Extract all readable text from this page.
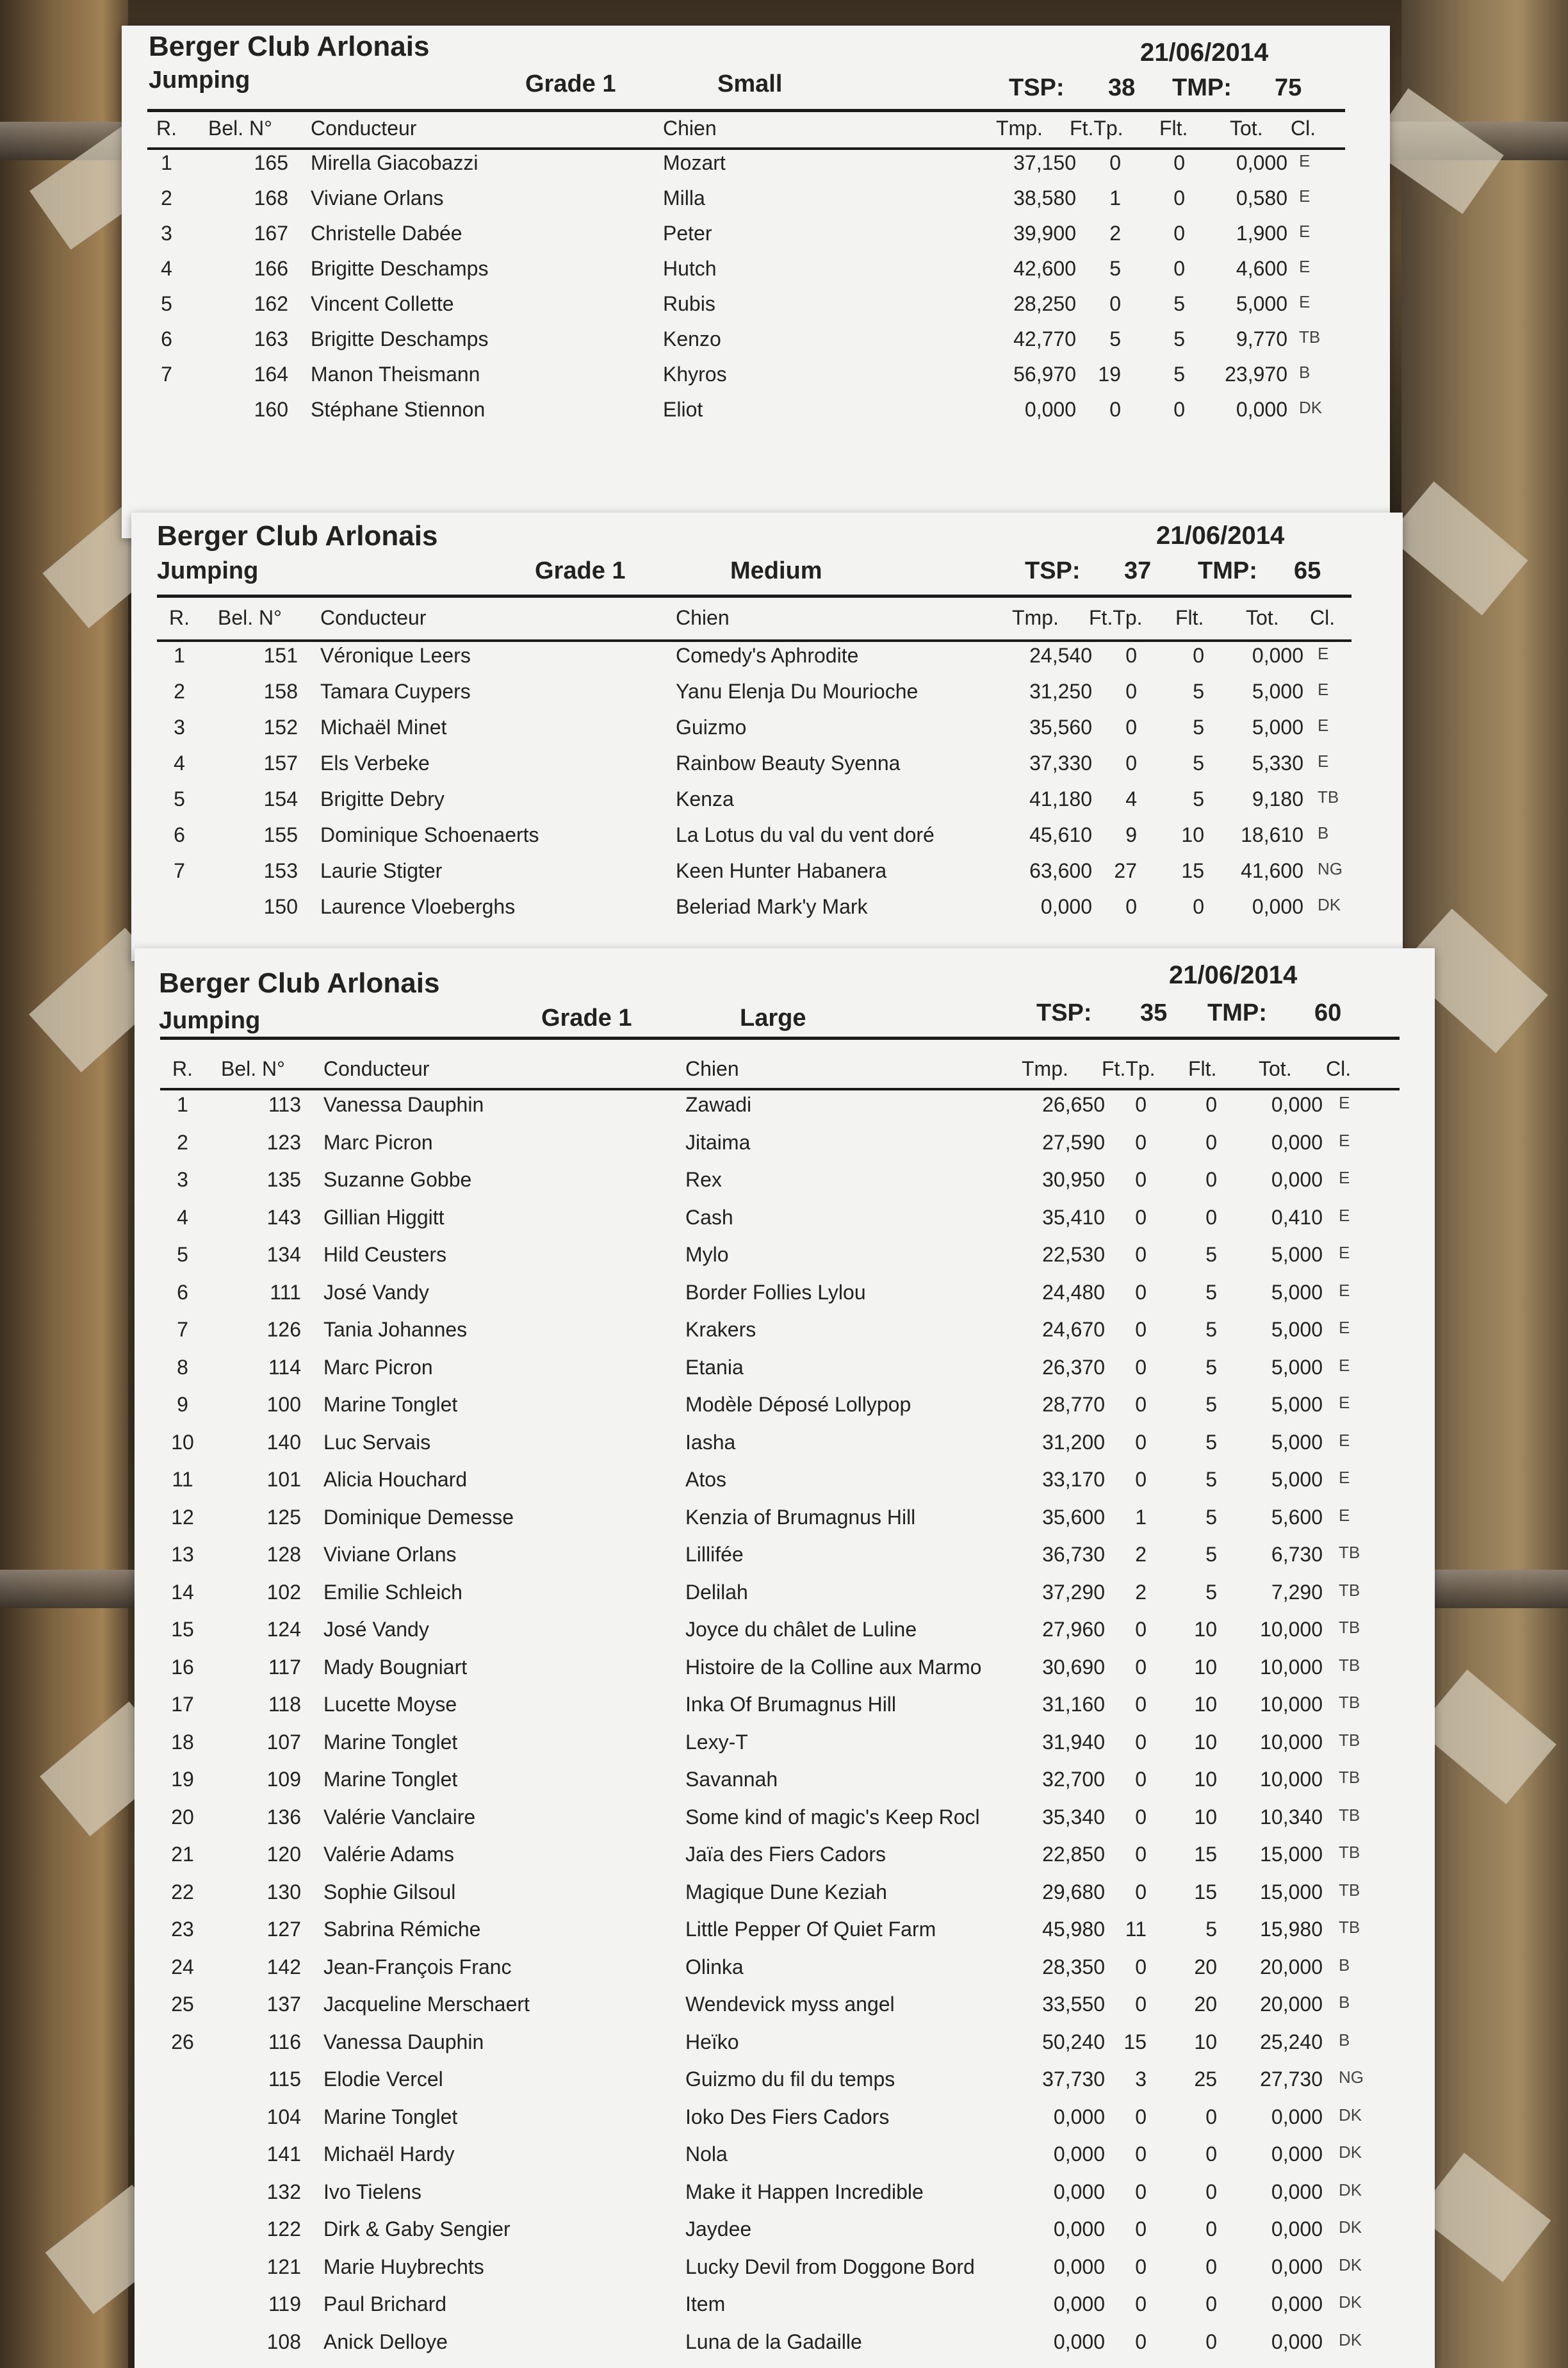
Berger Club Arlonais
Jumping	Grade 1	Small
21/06/2014
TSP: 38 TMP: 75
R.	Bel. N° Conducteur	Chien	Tmp. Ft.Tp. Flt. Tot. Cl.
1	165 Mirella Giacobazzi	Mozart	37,150	0	0	0,000 E
2	168 Viviane Orlans	Milla	38,580	1	0	0,580 E
3	167 Christelle Dabée	Peter	39,900	2	0	1,900 E
4	166 Brigitte Deschamps	Hutch	42,600	5	0	4,600 E
5	162 Vincent Collette	Rubis	28,250	0	5	5,000 E
6	163 Brigitte Deschamps	Kenzo	42,770	5	5	9,770 TB
7	164 Manon Theismann	Khyros	56,970	19	5	23,970 B
160 Stéphane Stiennon	Eliot	0,000	0	0	0,000 DK
Berger Club Arlonais
Jumping	Grade 1	Medium
21/06/2014
TSP: 37 TMP: 65
R.	Bel. N° Conducteur	Chien	Tmp. Ft.Tp. Flt. Tot. Cl.
1	151 Véronique Leers	Comedy's Aphrodite	24,540	0	0	0,000 E
2	158 Tamara Cuypers	Yanu Elenja Du Mourioche	31,250	0	5	5,000 E
3	152 Michaël Minet	Guizmo	35,560	0	5	5,000 E
4	157 Els Verbeke	Rainbow Beauty Syenna	37,330	0	5	5,330 E
5	154 Brigitte Debry	Kenza	41,180	4	5	9,180 TB
6	155 Dominique Schoenaerts	La Lotus du val du vent doré	45,610	9	10	18,610 B
7	153 Laurie Stigter	Keen Hunter Habanera	63,600	27	15	41,600 NG
150 Laurence Vloeberghs	Beleriad Mark'y Mark	0,000	0	0	0,000 DK
Berger Club Arlonais
Jumping	Grade 1	Large
21/06/2014
TSP: 35 TMP: 60
R.	Bel. N° Conducteur	Chien	Tmp. Ft.Tp. Flt. Tot. Cl.
1	113 Vanessa Dauphin	Zawadi	26,650	0	0	0,000 E
2	123 Marc Picron	Jitaima	27,590	0	0	0,000 E
3	135 Suzanne Gobbe	Rex	30,950	0	0	0,000 E
4	143 Gillian Higgitt	Cash	35,410	0	0	0,410 E
5	134 Hild Ceusters	Mylo	22,530	0	5	5,000 E
6	111 José Vandy	Border Follies Lylou	24,480	0	5	5,000 E
7	126 Tania Johannes	Krakers	24,670	0	5	5,000 E
8	114 Marc Picron	Etania	26,370	0	5	5,000 E
9	100 Marine Tonglet	Modèle Déposé Lollypop	28,770	0	5	5,000 E
10	140 Luc Servais	Iasha	31,200	0	5	5,000 E
11	101 Alicia Houchard	Atos	33,170	0	5	5,000 E
12	125 Dominique Demesse	Kenzia of Brumagnus Hill	35,600	1	5	5,600 E
13	128 Viviane Orlans	Lillifée	36,730	2	5	6,730 TB
14	102 Emilie Schleich	Delilah	37,290	2	5	7,290 TB
15	124 José Vandy	Joyce du châlet de Luline	27,960	0	10	10,000 TB
16	117 Mady Bougniart	Histoire de la Colline aux Marmo	30,690	0	10	10,000 TB
17	118 Lucette Moyse	Inka Of Brumagnus Hill	31,160	0	10	10,000 TB
18	107 Marine Tonglet	Lexy-T	31,940	0	10	10,000 TB
19	109 Marine Tonglet	Savannah	32,700	0	10	10,000 TB
20	136 Valérie Vanclaire	Some kind of magic's Keep Rocl	35,340	0	10	10,340 TB
21	120 Valérie Adams	Jaïa des Fiers Cadors	22,850	0	15	15,000 TB
22	130 Sophie Gilsoul	Magique Dune Keziah	29,680	0	15	15,000 TB
23	127 Sabrina Rémiche	Little Pepper Of Quiet Farm	45,980 11	5	15,980 TB
24	142 Jean-François Franc	Olinka	28,350	0	20	20,000 B
25	137 Jacqueline Merschaert	Wendevick myss angel	33,550	0	20	20,000 B
26	116 Vanessa Dauphin	Heïko	50,240 15	10	25,240 B
115 Elodie Vercel	Guizmo du fil du temps	37,730	3	25	27,730 NG
104 Marine Tonglet	Ioko Des Fiers Cadors	0,000	0	0	0,000 DK
141 Michaël Hardy	Nola	0,000	0	0	0,000 DK
132 Ivo Tielens	Make it Happen Incredible	0,000	0	0	0,000 DK
122 Dirk & Gaby Sengier	Jaydee	0,000	0	0	0,000 DK
121 Marie Huybrechts	Lucky Devil from Doggone Bord	0,000	0	0	0,000 DK
119 Paul Brichard	Item	0,000	0	0	0,000 DK
108 Anick Delloye	Luna de la Gadaille	0,000	0	0	0,000 DK
